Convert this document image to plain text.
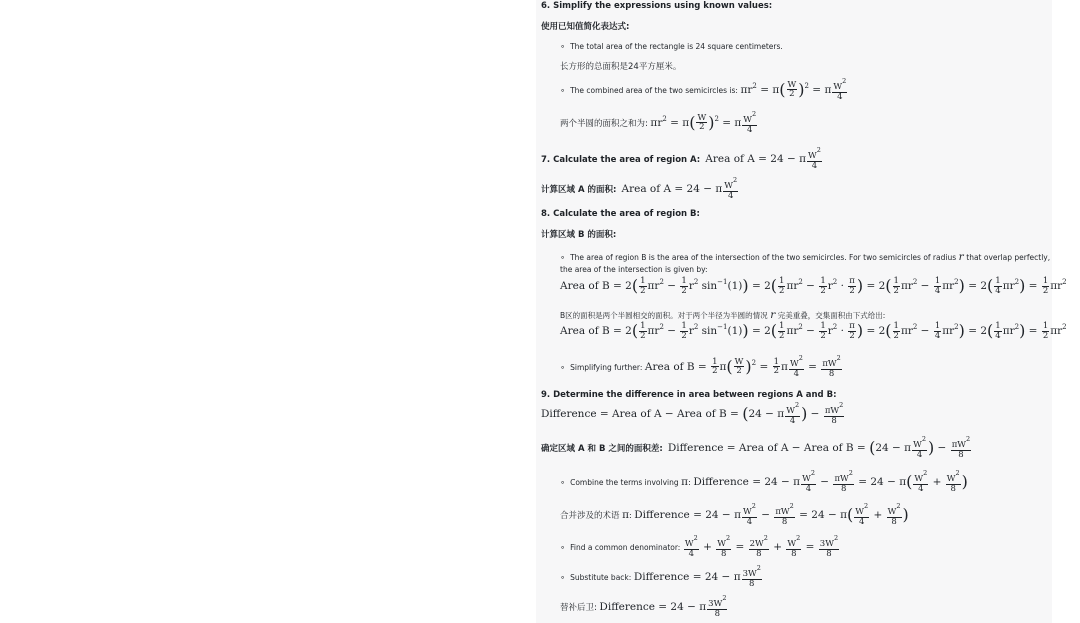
6. Simplify the expressions using known values:
使用已知值简化表达式:
∘  The total area of the rectangle is 24 square centimeters.
长方形的总面积是24平方厘米。
∘  The combined area of the two semicircles is: $\pi r^2 = \pi( \frac{W}{2} )^2 = \pi \frac{W^2}{4}$
两个半圆的面积之和为: $\pi r^2 = \pi( \frac{W}{2} )^2 = \pi \frac{W^2}{4}$
7. Calculate the area of region A: Area of A = 24 − π $\frac{W^2}{4}$
计算区域 A 的面积: Area of A = 24 − π $\frac{W^2}{4}$
8. Calculate the area of region B:
计算区域 B 的面积:
∘  The area of region B is the area of the intersection of the two semicircles. For two semicircles of radius r that overlap perfectly,
the area of the intersection is given by:
Area of $B = 2( \frac{1}{2} \pi r^2 - \frac{1}{2} r^2$ $\sin^{-1}(1)) = 2( \frac{1}{2} \pi r^2 - \frac{1}{2} r^2 \cdot \frac{\pi}{2}$ ) = $2( \frac{1}{2} \pi r^2 - \frac{1}{4} \pi r^2) = 2( \frac{1}{4} \pi r^2) = \frac{1}{2} \pi r^2$
B区的面积是两个半圆相交的面积。对于两个半径为半圆的情况 r 完美重叠，交集面积由下式给出:
Area of $B = 2( \frac{1}{2} \pi r^2 - \frac{1}{2} r^2$ $\sin^{-1}(1)) = 2( \frac{1}{2} \pi r^2 - \frac{1}{2} r^2 \cdot \frac{\pi}{2}$ ) = $2( \frac{1}{2} \pi r^2 - \frac{1}{4} \pi r^2) = 2( \frac{1}{4} \pi r^2) = \frac{1}{2} \pi r^2$
∘  Simplifying further: Area of $B = \frac{1}{2} \pi( \frac{W}{2} )^2 = \frac{1}{2}$ π $\frac{W^2}{4} = \frac{\pi W^2}{8}$
9. Determine the difference in area between regions A and B:
Difference = Area of A − Area of B = (24 − π $\frac{W^2}{4}$ ) − $\frac{\pi W^2}{8}$
确定区域 A 和 B 之间的面积差: Difference = Area of A − Area of B = (24 − π $\frac{W^2}{4}$ ) − $\frac{\pi W^2}{8}$
∘  Combine the terms involving π: Difference = 24 − π $\frac{W^2}{4} - \frac{\pi W^2}{8} = 24 - \pi( \frac{W^2}{4} + \frac{W^2}{8}$ )
合并涉及的术语 π: Difference = 24 − π $\frac{W^2}{4} - \frac{\pi W^2}{8} = 24 - \pi( \frac{W^2}{4} + \frac{W^2}{8}$ )
∘  Find a common denominator: $\frac{W^2}{4} + \frac{W^2}{8} = \frac{2W^2}{8} + \frac{W^2}{8} = \frac{3W^2}{8}$
∘  Substitute back: Difference = 24 − π $\frac{3W^2}{8}$
替补后卫: Difference = 24 − π $\frac{3W^2}{8}$
